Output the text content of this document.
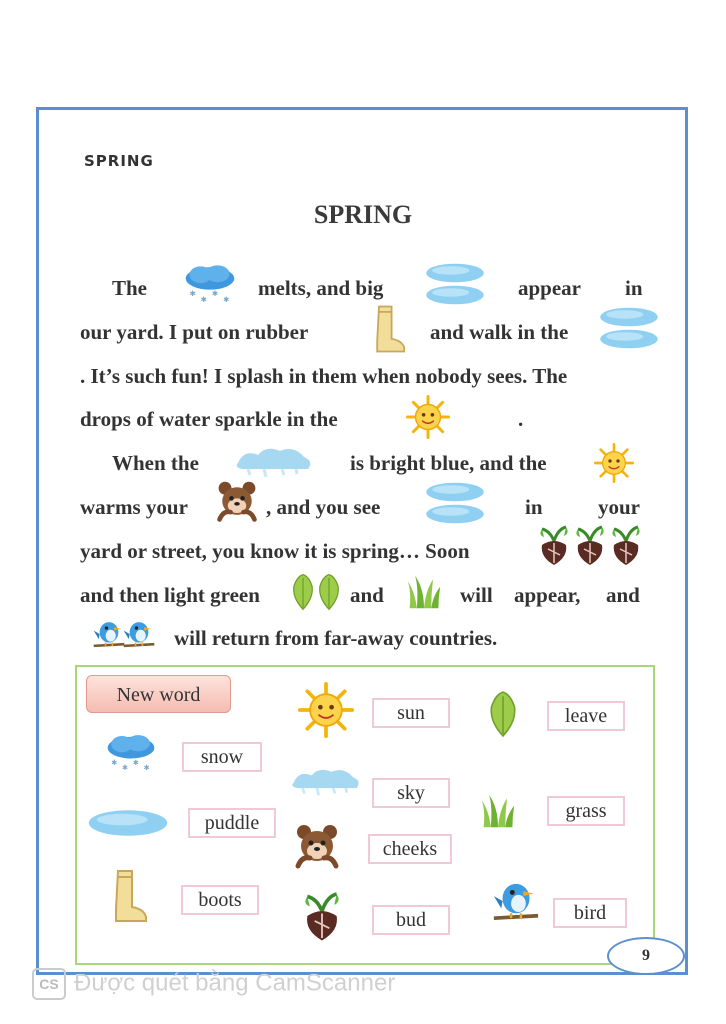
SPRING
SPRING
The	melts, and big	appear in
our yard. I put on rubber	and walk in the
. It’s such fun! I splash in them when nobody sees. The
drops of water sparkle in the	.
When the	is bright blue, and the
warms your	, and you see	in	your
yard or street, you know it is spring… Soon
and then light green	and	will appear, and
will return from far-away countries.
New word
sun	leave
snow
sky
puddle
grass
cheeks
boots
bud	bird
9
CS Được quét bằng CamScanner
